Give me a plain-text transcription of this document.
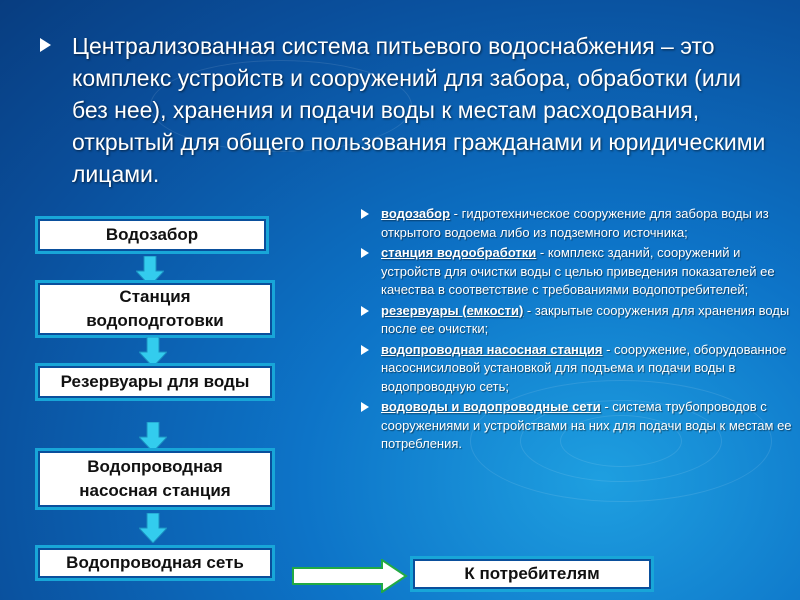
Централизованная система питьевого водоснабжения – это комплекс устройств и сооружений для забора, обработки (или без нее), хранения и подачи воды к местам расходования, открытый для общего пользования гражданами и юридическими лицами.
Водозабор
Станция
водоподготовки
Резервуары для воды
Водопроводная
насосная станция
Водопроводная сеть
К потребителям
водозабор - гидротехническое сооружение для забора воды из открытого водоема либо из подземного источника;
станция водообработки - комплекс зданий, сооружений и устройств для очистки воды с целью приведения показателей ее качества в соответствие с требованиями водопотребителей;
резервуары (емкости) - закрытые сооружения для хранения воды после ее очистки;
водопроводная насосная станция - сооружение, оборудованное насоснисиловой установкой для подъема и подачи воды в водопроводную сеть;
водоводы и водопроводные сети - система трубопроводов с сооружениями и устройствами на них для подачи воды к местам ее потребления.
